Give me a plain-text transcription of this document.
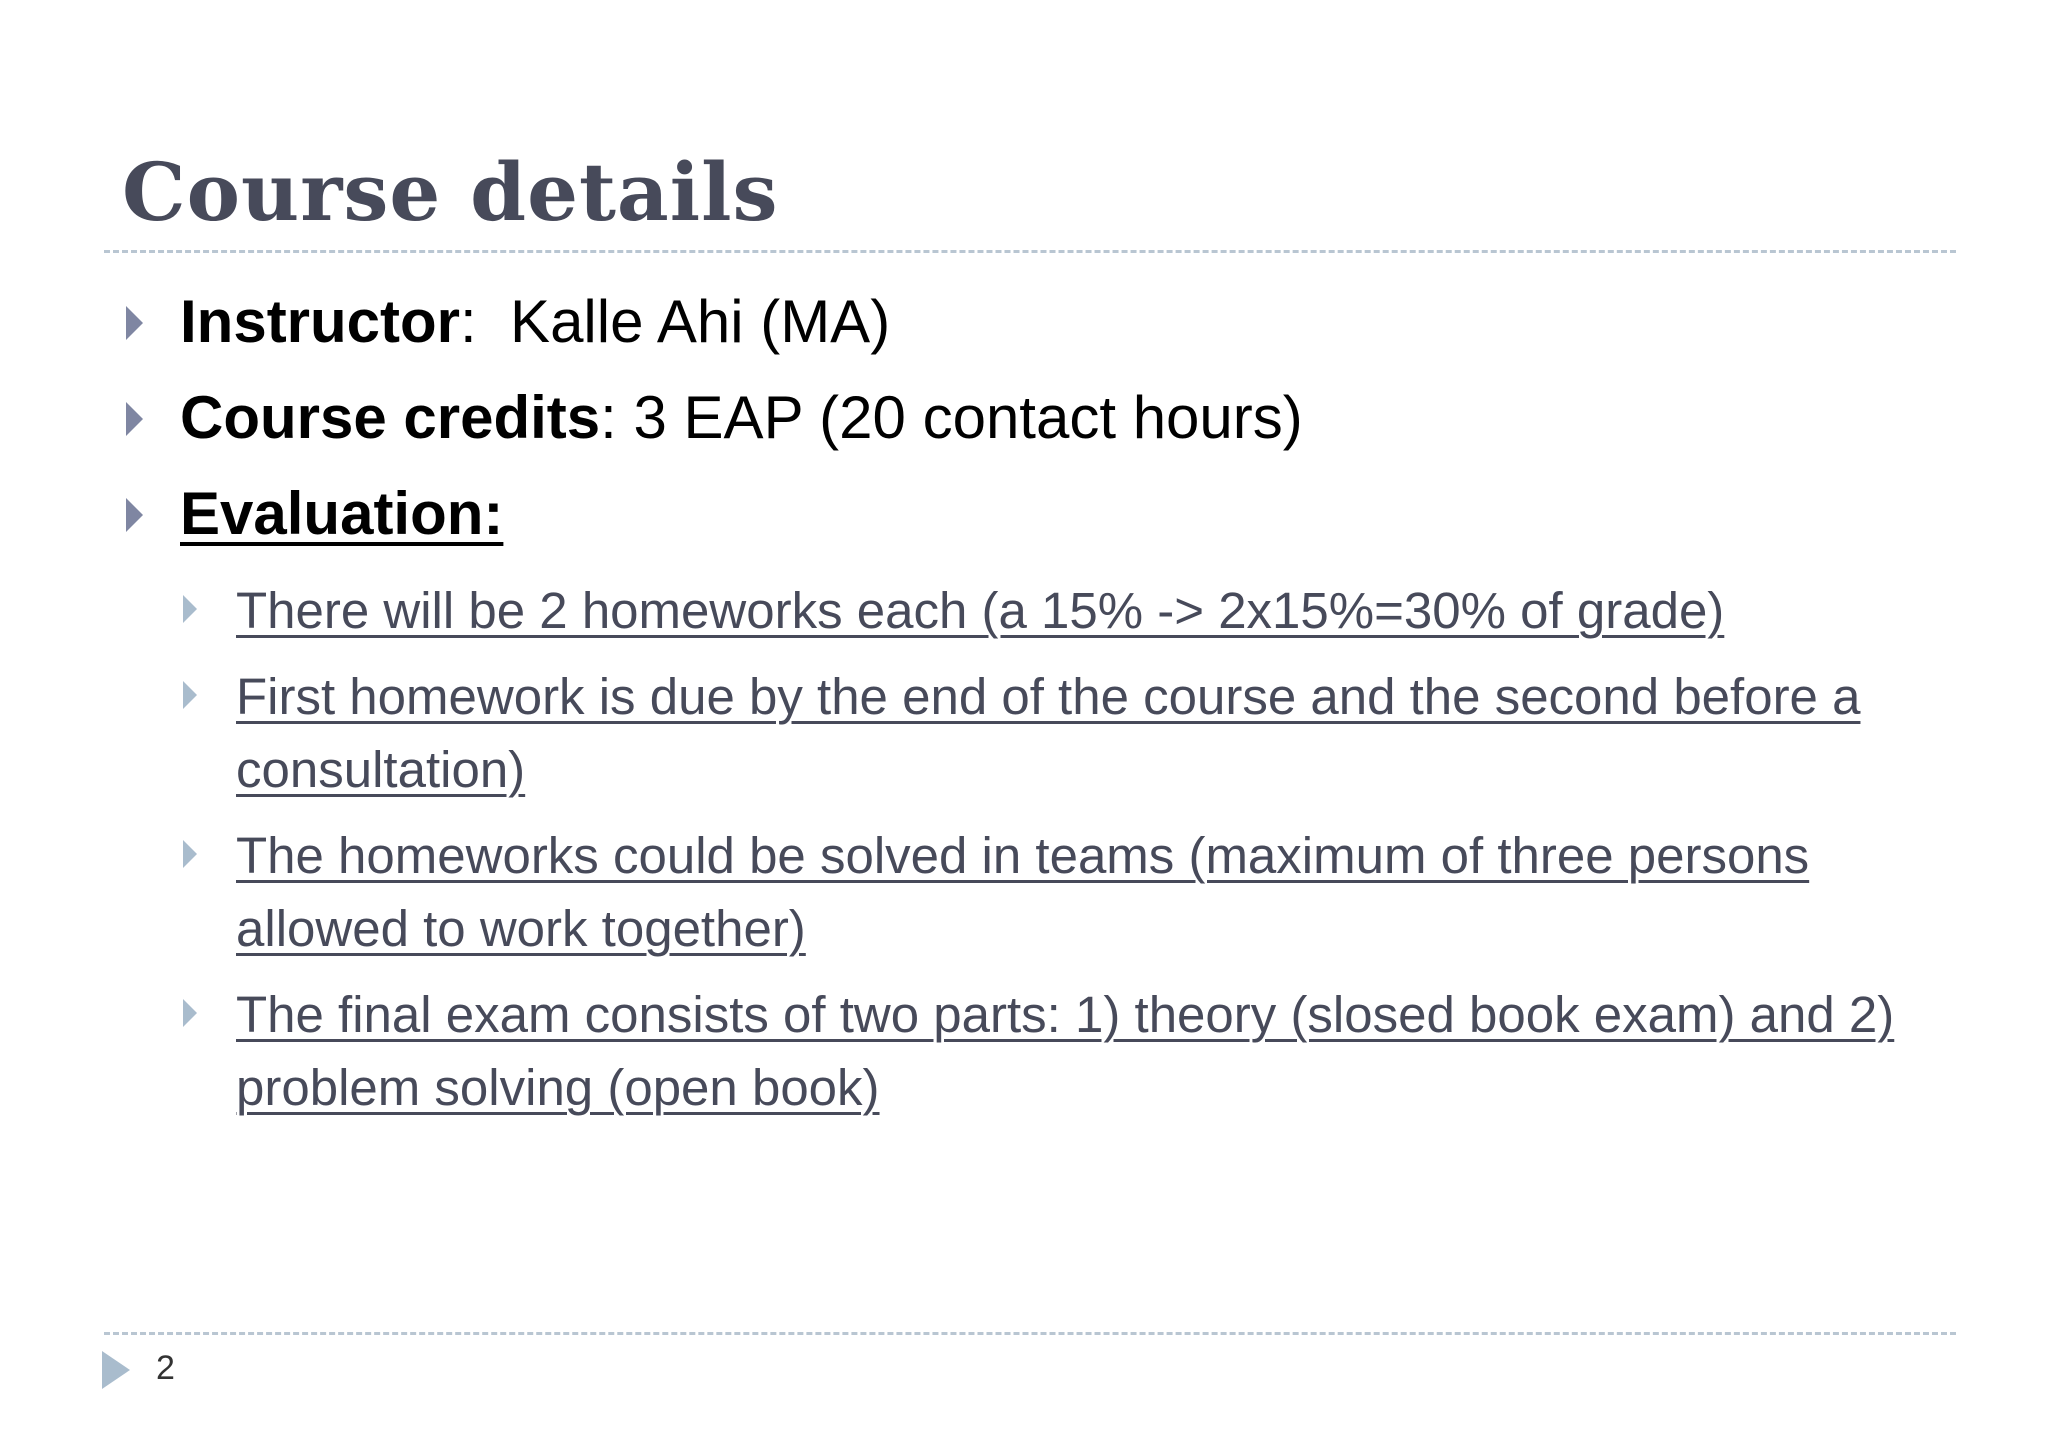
Course details
Instructor:  Kalle Ahi (MA)
Course credits: 3 EAP (20 contact hours)
Evaluation:
There will be 2 homeworks each (a 15% -> 2x15%=30% of grade)
First homework is due by the end of the course and the second before a consultation)
The homeworks could be solved in teams (maximum of three persons allowed to work together)
The final exam consists of two parts: 1) theory (slosed book exam) and 2) problem solving (open book)
2
